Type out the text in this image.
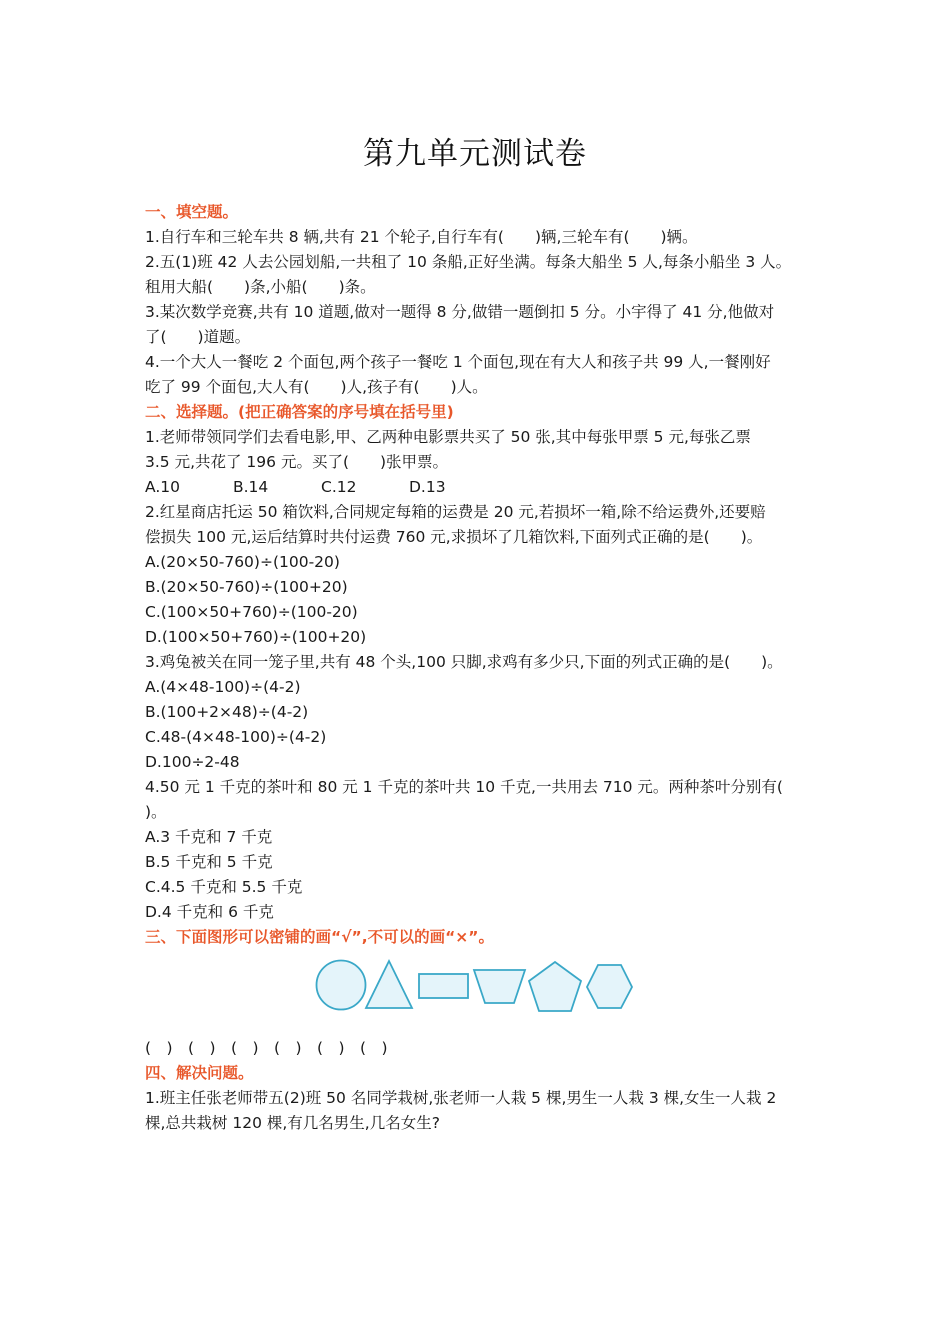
第九单元测试卷
一、填空题。
1.自行车和三轮车共 8 辆,共有 21 个轮子,自行车有(　　)辆,三轮车有(　　)辆。
2.五(1)班 42 人去公园划船,一共租了 10 条船,正好坐满。每条大船坐 5 人,每条小船坐 3 人。
租用大船(　　)条,小船(　　)条。
3.某次数学竞赛,共有 10 道题,做对一题得 8 分,做错一题倒扣 5 分。小宇得了 41 分,他做对
了(　　)道题。
4.一个大人一餐吃 2 个面包,两个孩子一餐吃 1 个面包,现在有大人和孩子共 99 人,一餐刚好
吃了 99 个面包,大人有(　　)人,孩子有(　　)人。
二、选择题。(把正确答案的序号填在括号里)
1.老师带领同学们去看电影,甲、乙两种电影票共买了 50 张,其中每张甲票 5 元,每张乙票
3.5 元,共花了 196 元。买了(　　)张甲票。
A.10	B.14	C.12	D.13
2.红星商店托运 50 箱饮料,合同规定每箱的运费是 20 元,若损坏一箱,除不给运费外,还要赔
偿损失 100 元,运后结算时共付运费 760 元,求损坏了几箱饮料,下面列式正确的是(　　)。
A.(20×50-760)÷(100-20)
B.(20×50-760)÷(100+20)
C.(100×50+760)÷(100-20)
D.(100×50+760)÷(100+20)
3.鸡兔被关在同一笼子里,共有 48 个头,100 只脚,求鸡有多少只,下面的列式正确的是(　　)。
A.(4×48-100)÷(4-2)
B.(100+2×48)÷(4-2)
C.48-(4×48-100)÷(4-2)
D.100÷2-48
4.50 元 1 千克的茶叶和 80 元 1 千克的茶叶共 10 千克,一共用去 710 元。两种茶叶分别有(
)。
A.3 千克和 7 千克
B.5 千克和 5 千克
C.4.5 千克和 5.5 千克
D.4 千克和 6 千克
三、下面图形可以密铺的画“√”,不可以的画“×”。
(　) (　) (　) (　) (　) (　)
四、解决问题。
1.班主任张老师带五(2)班 50 名同学栽树,张老师一人栽 5 棵,男生一人栽 3 棵,女生一人栽 2
棵,总共栽树 120 棵,有几名男生,几名女生?
